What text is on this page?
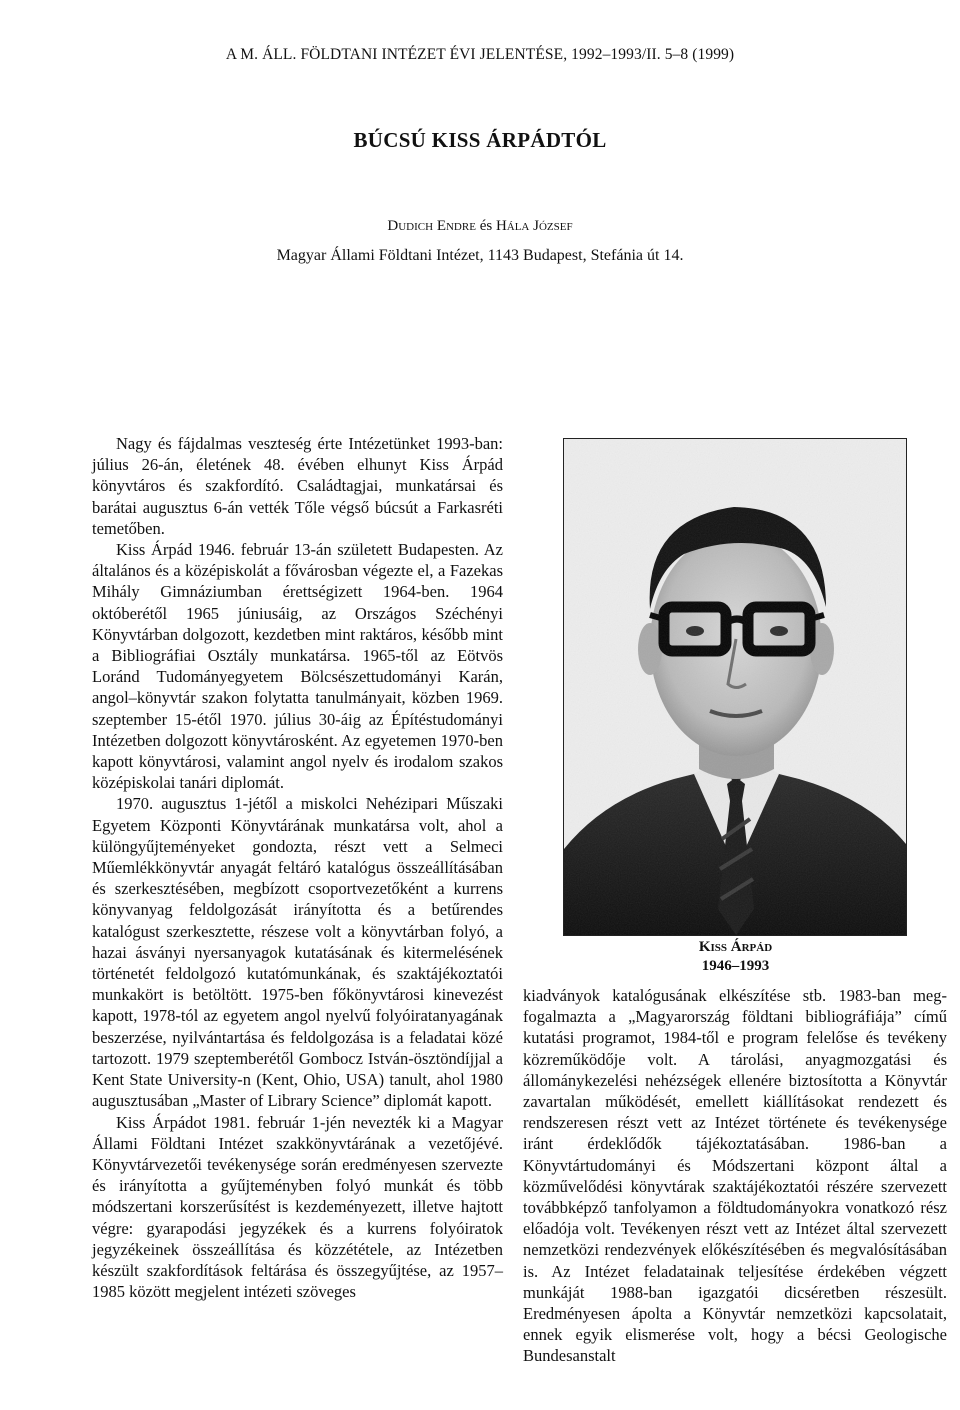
A M. ÁLL. FÖLDTANI INTÉZET ÉVI JELENTÉSE, 1992–1993/II. 5–8 (1999)
BÚCSÚ KISS ÁRPÁDTÓL
Dudich Endre és Hála József
Magyar Állami Földtani Intézet, 1143 Budapest, Stefánia út 14.

Nagy és fájdalmas veszteség érte Intézetünket 1993-ban: július 26-án, életének 48. évében elhunyt Kiss Árpád könyvtáros és szakfordító. Családtagjai, munkatársai és barátai augusztus 6-án vették Tőle végső búcsút a Farkasréti temetőben.

Kiss Árpád 1946. február 13-án született Budapesten. Az általános és a középiskolát a fővárosban végezte el, a Fazekas Mihály Gimnáziumban érettségizett 1964-ben. 1964 októberétől 1965 júniusáig, az Országos Széchényi Könyvtárban dolgozott, kezdetben mint raktáros, később mint a Bibliográfiai Osztály munkatársa. 1965-től az Eötvös Loránd Tudományegyetem Bölcsészettudományi Karán, angol–könyvtár szakon folytatta tanulmányait, közben 1969. szeptember 15-étől 1970. július 30-áig az Építéstudományi Intézetben dolgozott könyvtárosként. Az egyetemen 1970-ben kapott könyvtárosi, valamint angol nyelv és irodalom szakos középiskolai tanári diplomát.

1970. augusztus 1-jétől a miskolci Nehézipari Műszaki Egyetem Központi Könyvtárának munkatársa volt, ahol a különgyűjteményeket gondozta, részt vett a Selmeci Műemlékkönyvtár anyagát feltáró katalógus összeállításában és szerkesztésében, megbízott csoportvezetőként a kurrens könyvanyag feldolgozását irányította és a betűrendes katalógust szerkesztette, részese volt a könyvtárban folyó, a hazai ásványi nyersanyagok kutatásának és kitermelésének történetét feldolgozó kutatómunkának, és szaktájékoztatói munkakört is betöltött. 1975-ben főkönyvtárosi kinevezést kapott, 1978-tól az egyetem angol nyelvű folyóiratanyagának beszerzése, nyilvántartása és feldolgozása is a feladatai közé tartozott. 1979 szeptemberétől Gombocz István-ösztöndíjjal a Kent State University-n (Kent, Ohio, USA) tanult, ahol 1980 augusztusában „Master of Library Science” diplomát kapott.

Kiss Árpádot 1981. február 1-jén nevezték ki a Magyar Állami Földtani Intézet szakkönyvtárának a vezetőjévé. Könyvtárvezetői tevékenysége során eredményesen szervezte és irányította a gyűjteményben folyó munkát és több módszertani korszerűsítést is kezdeményezett, illetve hajtott végre: gyarapodási jegyzékek és a kurrens folyóiratok jegyzékeinek összeállítása és közzététele, az Intézetben készült szakfordítások feltárása és összegyűjtése, az 1957–1985 között megjelent intézeti szöveges

Kiss Árpád
1946–1993

kiadványok katalógusának elkészítése stb. 1983-ban megfogalmazta a „Magyarország földtani bibliográfiája” című kutatási programot, 1984-től e program felelőse és tevékeny közreműködője volt. A tárolási, anyagmozgatási és állománykezelési nehézségek ellenére biztosította a Könyvtár zavartalan működését, emellett kiállításokat rendezett és rendszeresen részt vett az Intézet története és tevékenysége iránt érdeklődők tájékoztatásában. 1986-ban a Könyvtártudományi és Módszertani központ által a közművelődési könyvtárak szaktájékoztatói részére szervezett továbbképző tanfolyamon a földtudományokra vonatkozó rész előadója volt. Tevékenyen részt vett az Intézet által szervezett nemzetközi rendezvények előkészítésében és megvalósításában is. Az Intézet feladatainak teljesítése érdekében végzett munkáját 1988-ban igazgatói dicséretben részesült. Eredményesen ápolta a Könyvtár nemzetközi kapcsolatait, ennek egyik elismerése volt, hogy a bécsi Geologische Bundesanstalt
